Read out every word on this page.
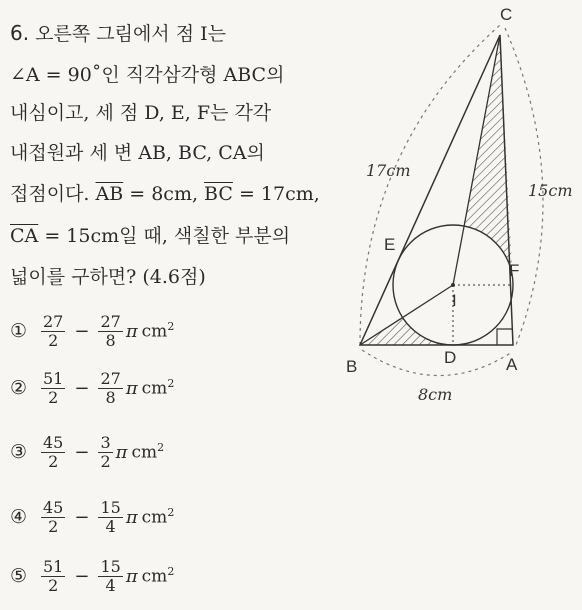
6. 오른쪽 그림에서 점 I는
∠A = 90˚인 직각삼각형 ABC의
내심이고, 세 점 D, E, F는 각각
내접원과 세 변 AB, BC, CA의
접점이다. $\overline{AB} = 8cm$, $\overline{BC} = 17cm$,
$\overline{CA} = 15cm$일 때, 색칠한 부분의
넓이를 구하면? (4.6점)
① $\frac{27}{2} - \frac{27}{8}$ π $cm^2$
② $\frac{51}{2} - \frac{27}{8}$ π $cm^2$
③ $\frac{45}{2} - \frac{3}{2}$ π $cm^2$
④ $\frac{45}{2} - \frac{15}{4}$ π $cm^2$
⑤ $\frac{51}{2} - \frac{15}{4}$ π $cm^2$
C
E
F
I
B	D	A
17cm
15cm
8cm
